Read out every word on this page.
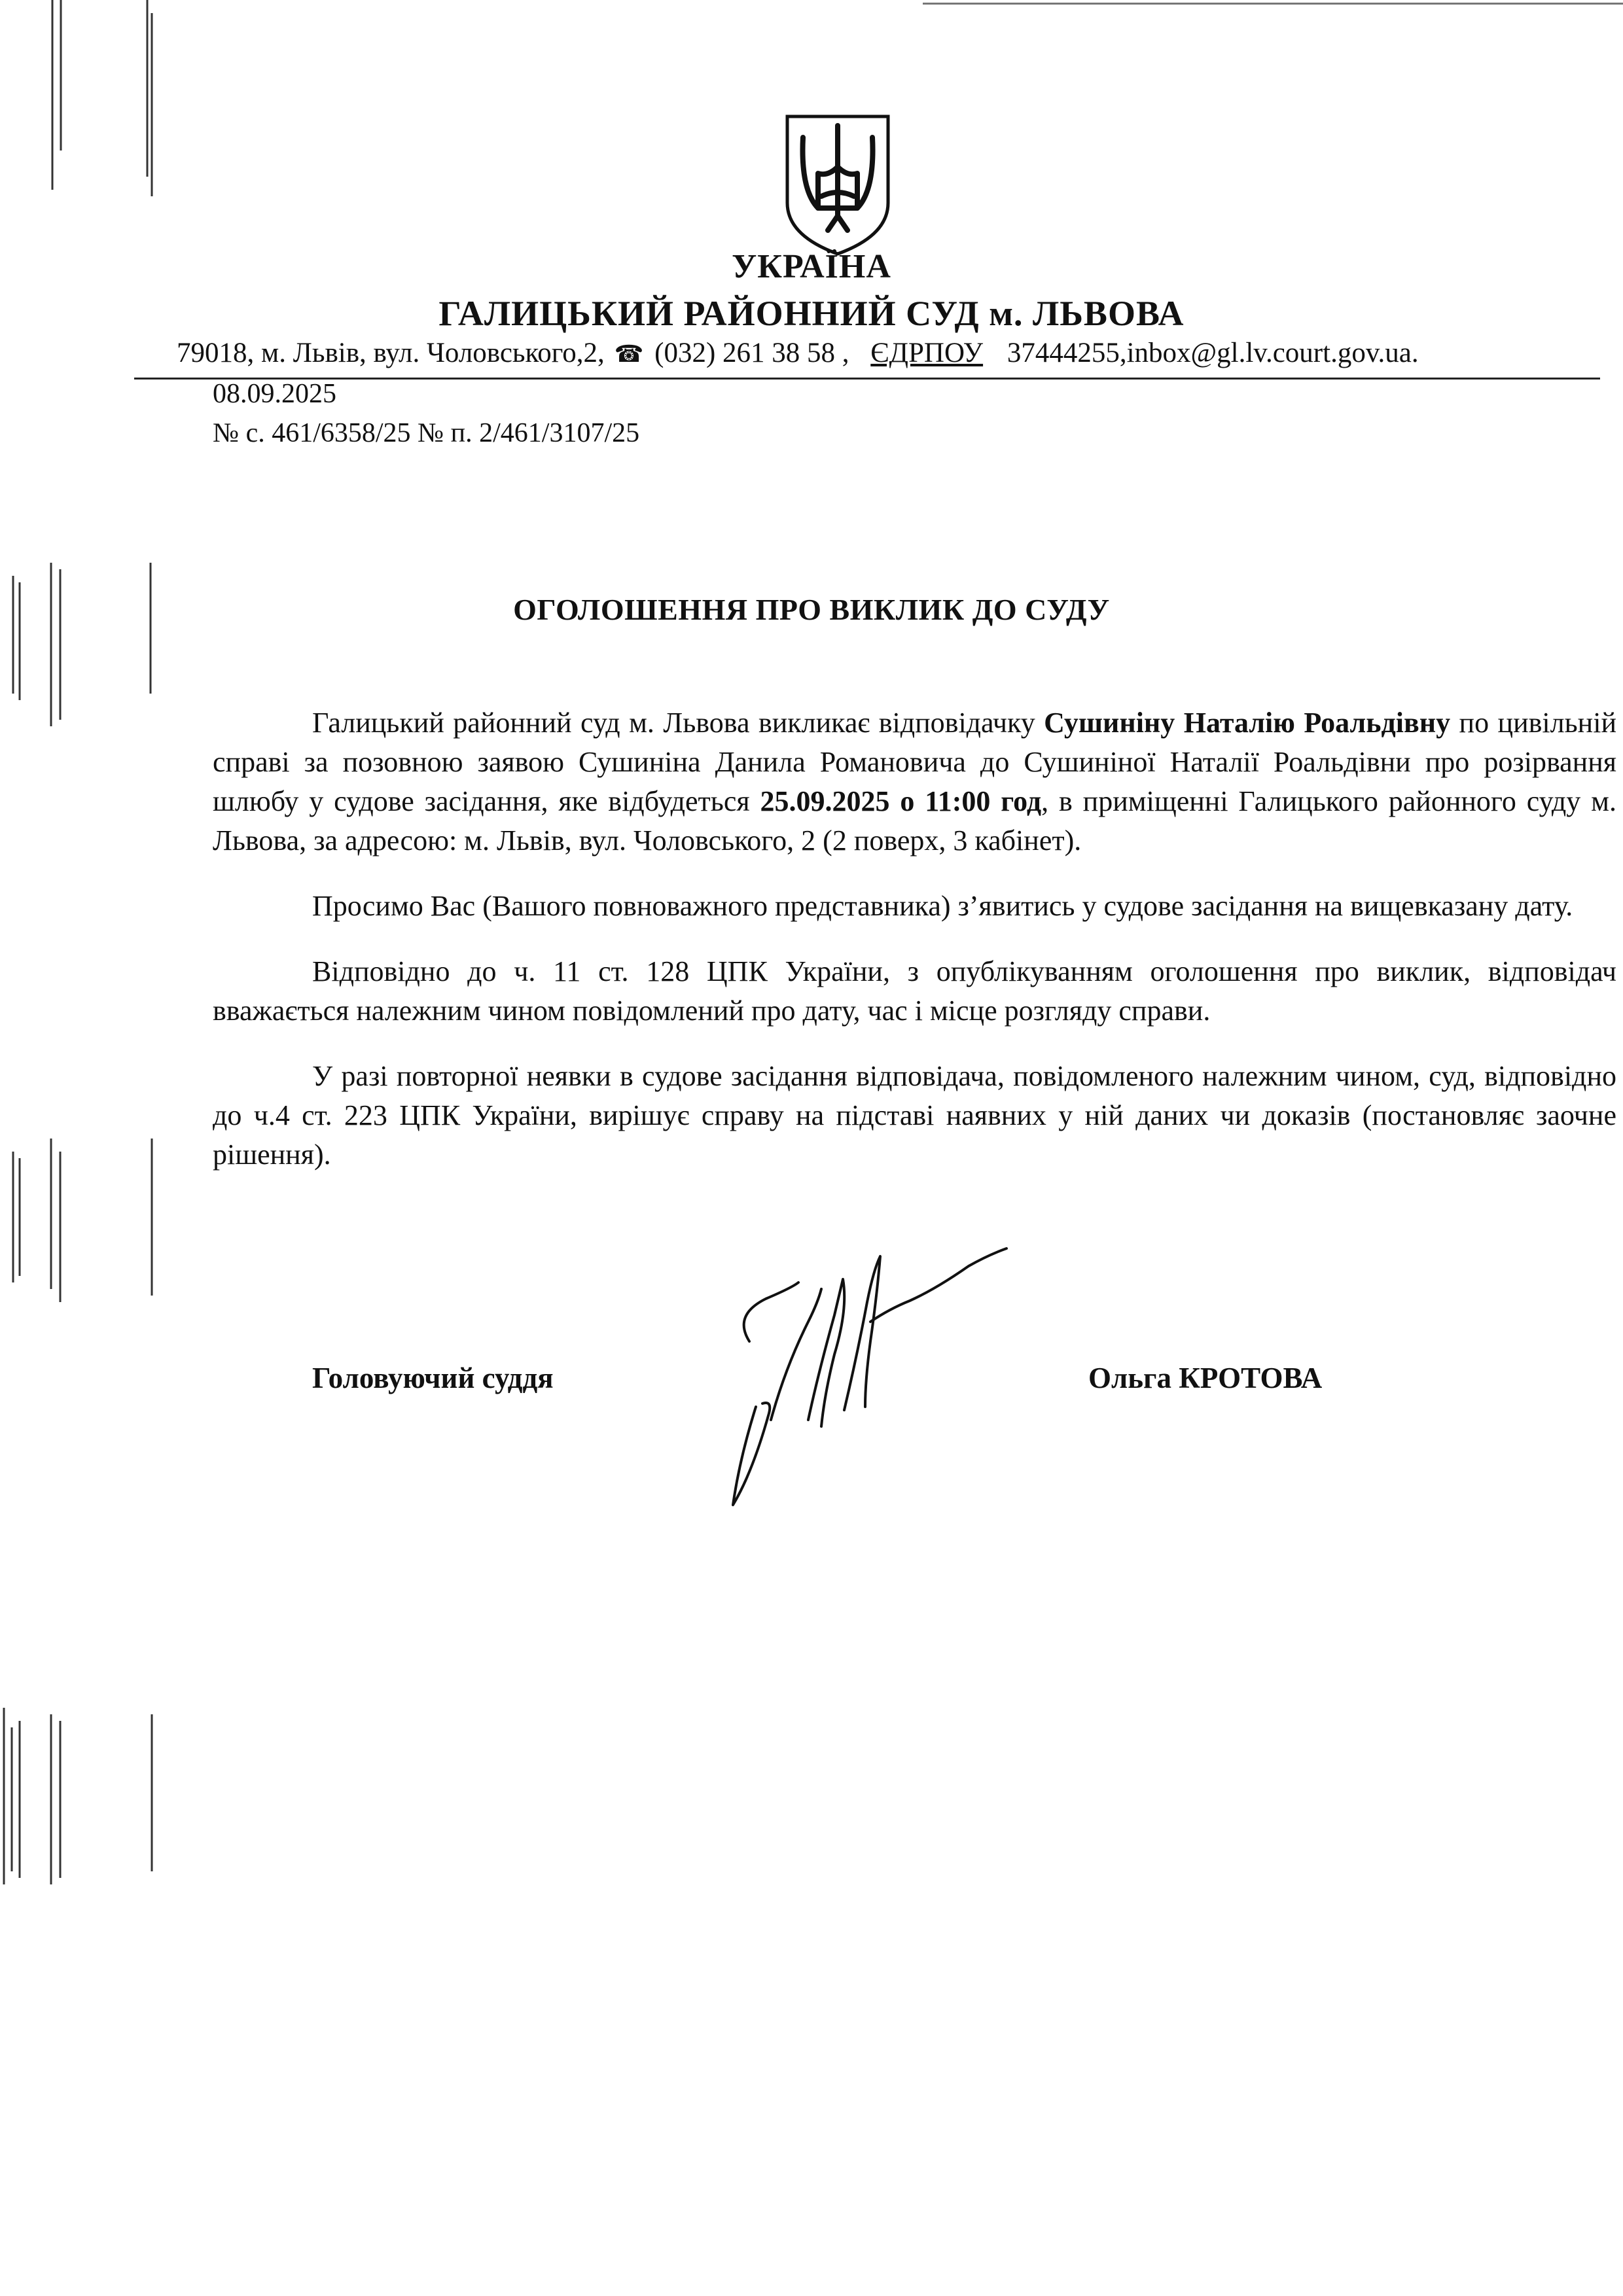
УКРАЇНА
ГАЛИЦЬКИЙ РАЙОННИЙ СУД м. ЛЬВОВА
79018, м. Львів, вул. Чоловського,2, ☎ (032) 261 38 58 , ЄДРПОУ 37444255,inbox@gl.lv.court.gov.ua.
08.09.2025
№ с. 461/6358/25 № п. 2/461/3107/25
ОГОЛОШЕННЯ ПРО ВИКЛИК ДО СУДУ

Галицький районний суд м. Львова викликає відповідачку Сушиніну Наталію Роальдівну по цивільній справі за позовною заявою Сушиніна Данила Романовича до Сушиніної Наталії Роальдівни про розірвання шлюбу у судове засідання, яке відбудеться 25.09.2025 о 11:00 год, в приміщенні Галицького районного суду м. Львова, за адресою: м. Львів, вул. Чоловського, 2 (2 поверх, 3 кабінет).

Просимо Вас (Вашого повноважного представника) з’явитись у судове засідання на вищевказану дату.

Відповідно до ч. 11 ст. 128 ЦПК України, з опублікуванням оголошення про виклик, відповідач вважається належним чином повідомлений про дату, час і місце розгляду справи.

У разі повторної неявки в судове засідання відповідача, повідомленого належним чином, суд, відповідно до ч.4 ст. 223 ЦПК України, вирішує справу на підставі наявних у ній даних чи доказів (постановляє заочне рішення).

Головуючий суддя	Ольга КРОТОВА
